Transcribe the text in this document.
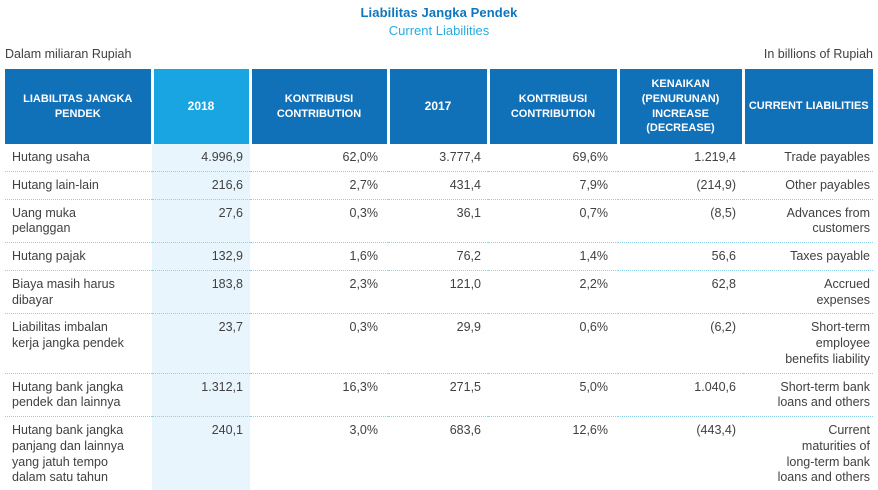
Liabilitas Jangka Pendek
Current Liabilities
Dalam miliaran Rupiah	In billions of Rupiah
LIABILITAS JANGKA PENDEK	2018	KONTRIBUSI CONTRIBUTION	2017	KONTRIBUSI CONTRIBUTION	KENAIKAN (PENURUNAN) INCREASE (DECREASE)	CURRENT LIABILITIES
Hutang usaha	4.996,9	62,0%	3.777,4	69,6%	1.219,4	Trade payables
Hutang lain-lain	216,6	2,7%	431,4	7,9%	(214,9)	Other payables
Uang muka pelanggan	27,6	0,3%	36,1	0,7%	(8,5)	Advances from customers
Hutang pajak	132,9	1,6%	76,2	1,4%	56,6	Taxes payable
Biaya masih harus dibayar	183,8	2,3%	121,0	2,2%	62,8	Accrued expenses
Liabilitas imbalan kerja jangka pendek	23,7	0,3%	29,9	0,6%	(6,2)	Short-term employee benefits liability
Hutang bank jangka pendek dan lainnya	1.312,1	16,3%	271,5	5,0%	1.040,6	Short-term bank loans and others
Hutang bank jangka panjang dan lainnya yang jatuh tempo dalam satu tahun	240,1	3,0%	683,6	12,6%	(443,4)	Current maturities of long-term bank loans and others
